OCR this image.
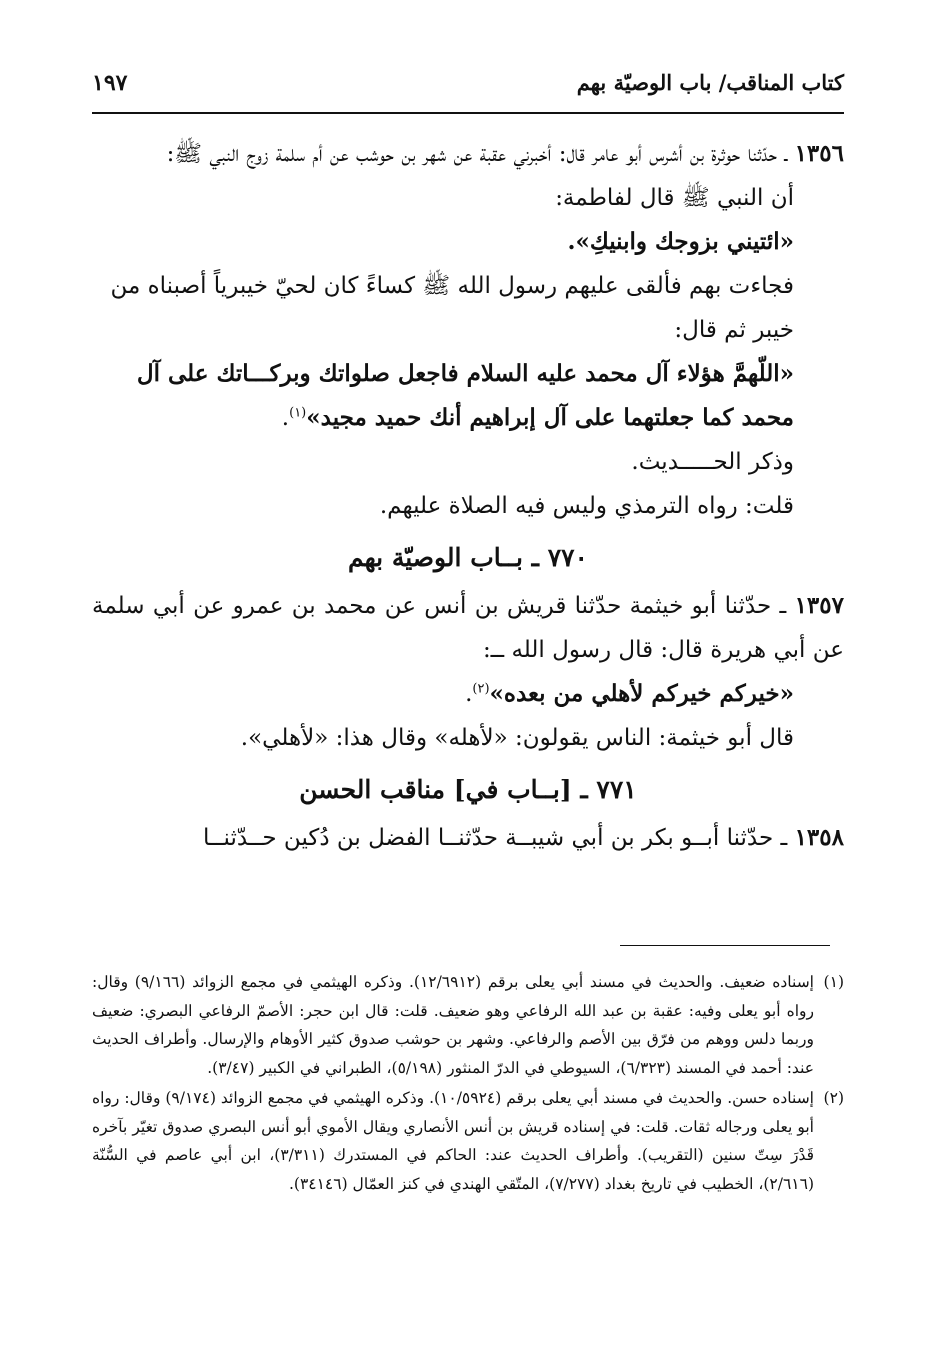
كتاب المناقب/ باب الوصيّة بهم
١٩٧

١٣٥٦ ـ حدّثنا حوثرة بن أشرس أبو عامر قال: أخبرني عقبة عن شهر بن حوشب عن أم سلمة زوج النبي ﷺ:

أن النبي ﷺ قال لفاطمة:

«ائتيني بزوجك وابنيكِ».

فجاءت بهم فألقى عليهم رسول الله ﷺ كساءً كان لحيّ خيبرياً أصبناه من خيبر ثم قال:

«اللّهمَّ هؤلاء آل محمد عليه السلام فاجعل صلواتك وبركـــاتك على آل محمد كما جعلتهما على آل إبراهيم أنك حميد مجيد»$^{(١)}$.

وذكر الحـــــديث.

قلت: رواه الترمذي وليس فيه الصلاة عليهم.

٧٧٠ ـ بــاب الوصيّة بهم

١٣٥٧ ـ حدّثنا أبو خيثمة حدّثنا قريش بن أنس عن محمد بن عمرو عن أبي سلمة عن أبي هريرة قال: قال رسول الله ــ:

«خيركم خيركم لأهلي من بعده»$^{(٢)}$.

قال أبو خيثمة: الناس يقولون: «لأهله» وقال هذا: «لأهلي».

٧٧١ ـ [بــاب في] مناقب الحسن

١٣٥٨ ـ حدّثنا أبــو بكر بن أبي شيبــة حدّثنــا الفضل بن دُكين حــدّثنــا

(١)
إسناده ضعيف. والحديث في مسند أبي يعلى برقم (١٢/٦٩١٢). وذكره الهيثمي في مجمع الزوائد (٩/١٦٦) وقال: رواه أبو يعلى وفيه: عقبة بن عبد الله الرفاعي وهو ضعيف. قلت: قال ابن حجر: الأصمّ الرفاعي البصري: ضعيف وربما دلس ووهم من فرّق بين الأصم والرفاعي. وشهر بن حوشب صدوق كثير الأوهام والإرسال. وأطراف الحديث عند: أحمد في المسند (٦/٣٢٣)، السيوطي في الدرّ المنثور (٥/١٩٨)، الطبراني في الكبير (٣/٤٧).

(٢)
إسناده حسن. والحديث في مسند أبي يعلى برقم (١٠/٥٩٢٤). وذكره الهيثمي في مجمع الزوائد (٩/١٧٤) وقال: رواه أبو يعلى ورجاله ثقات. قلت: في إسناده قريش بن أنس الأنصاري ويقال الأموي أبو أنس البصري صدوق تغيّر بآخره قَدْرَ سِتّ سنين (التقريب). وأطراف الحديث عند: الحاكم في المستدرك (٣/٣١١)، ابن أبي عاصم في السُّنّة (٢/٦١٦)، الخطيب في تاريخ بغداد (٧/٢٧٧)، المتّقي الهندي في كنز العمّال (٣٤١٤٦).
